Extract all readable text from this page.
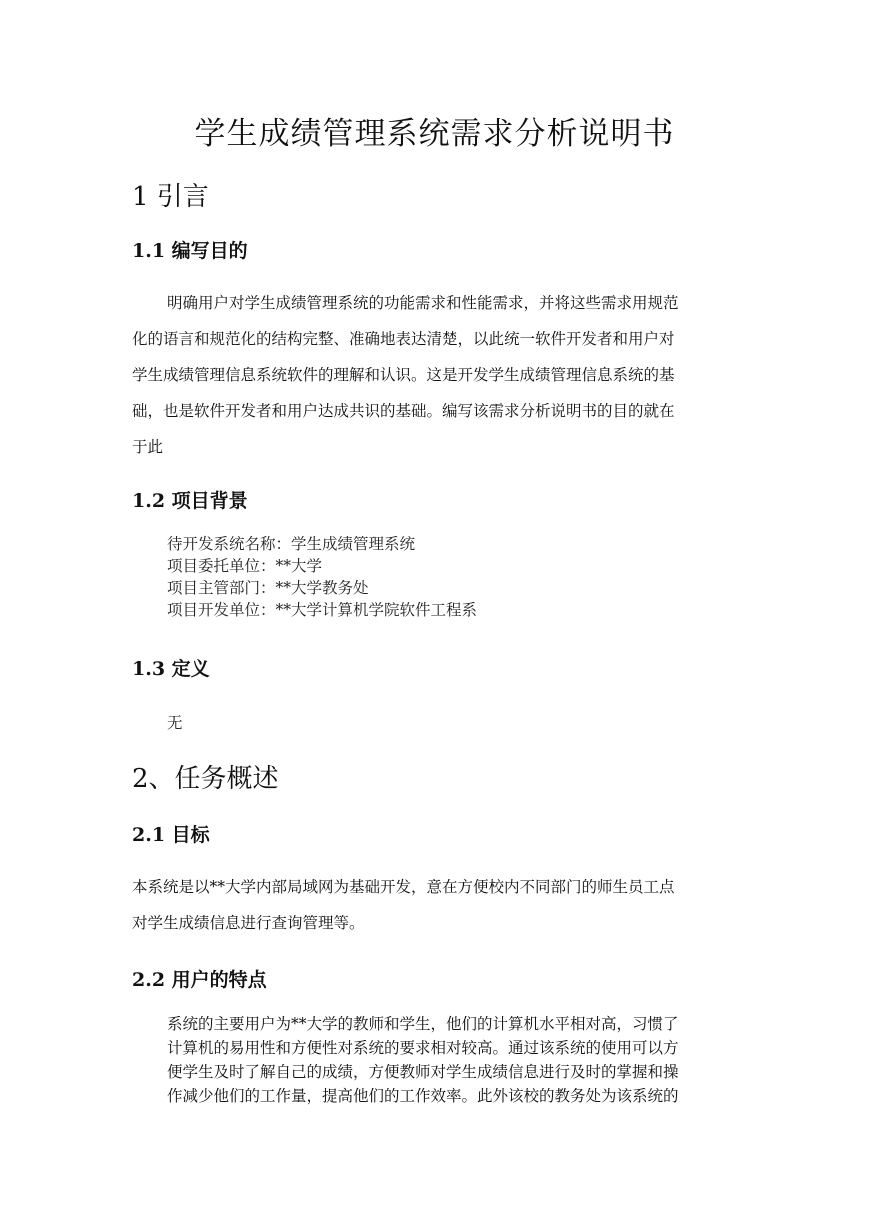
学生成绩管理系统需求分析说明书
1 引言
1.1 编写目的
明确用户对学生成绩管理系统的功能需求和性能需求，并将这些需求用规范
化的语言和规范化的结构完整、准确地表达清楚，以此统一软件开发者和用户对
学生成绩管理信息系统软件的理解和认识。这是开发学生成绩管理信息系统的基
础，也是软件开发者和用户达成共识的基础。编写该需求分析说明书的目的就在
于此
1.2 项目背景
待开发系统名称：学生成绩管理系统
项目委托单位：**大学
项目主管部门：**大学教务处
项目开发单位：**大学计算机学院软件工程系
1.3 定义

无

2、任务概述
2.1 目标
本系统是以**大学内部局域网为基础开发，意在方便校内不同部门的师生员工点
对学生成绩信息进行查询管理等。
2.2 用户的特点
系统的主要用户为**大学的教师和学生，他们的计算机水平相对高，习惯了
计算机的易用性和方便性对系统的要求相对较高。通过该系统的使用可以方
便学生及时了解自己的成绩，方便教师对学生成绩信息进行及时的掌握和操
作减少他们的工作量，提高他们的工作效率。此外该校的教务处为该系统的
